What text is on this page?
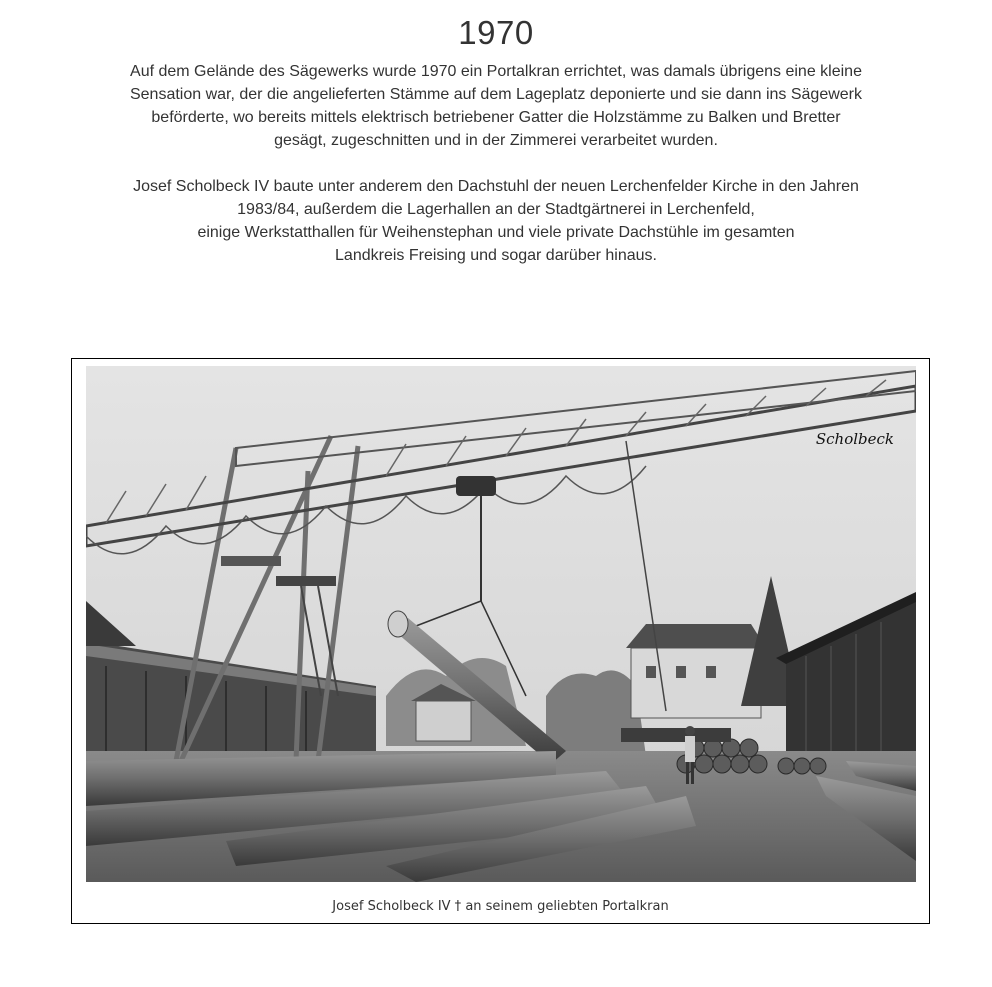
1970
Auf dem Gelände des Sägewerks wurde 1970 ein Portalkran errichtet, was damals übrigens eine kleine
Sensation war, der die angelieferten Stämme auf dem Lageplatz deponierte und sie dann ins Sägewerk
beförderte, wo bereits mittels elektrisch betriebener Gatter die Holzstämme zu Balken und Bretter
gesägt, zugeschnitten und in der Zimmerei verarbeitet wurden.
Josef Scholbeck IV baute unter anderem den Dachstuhl der neuen Lerchenfelder Kirche in den Jahren
1983/84, außerdem die Lagerhallen an der Stadtgärtnerei in Lerchenfeld,
einige Werkstatthallen für Weihenstephan und viele private Dachstühle im gesamten
Landkreis Freising und sogar darüber hinaus.
Scholbeck
Josef Scholbeck IV † an seinem geliebten Portalkran
